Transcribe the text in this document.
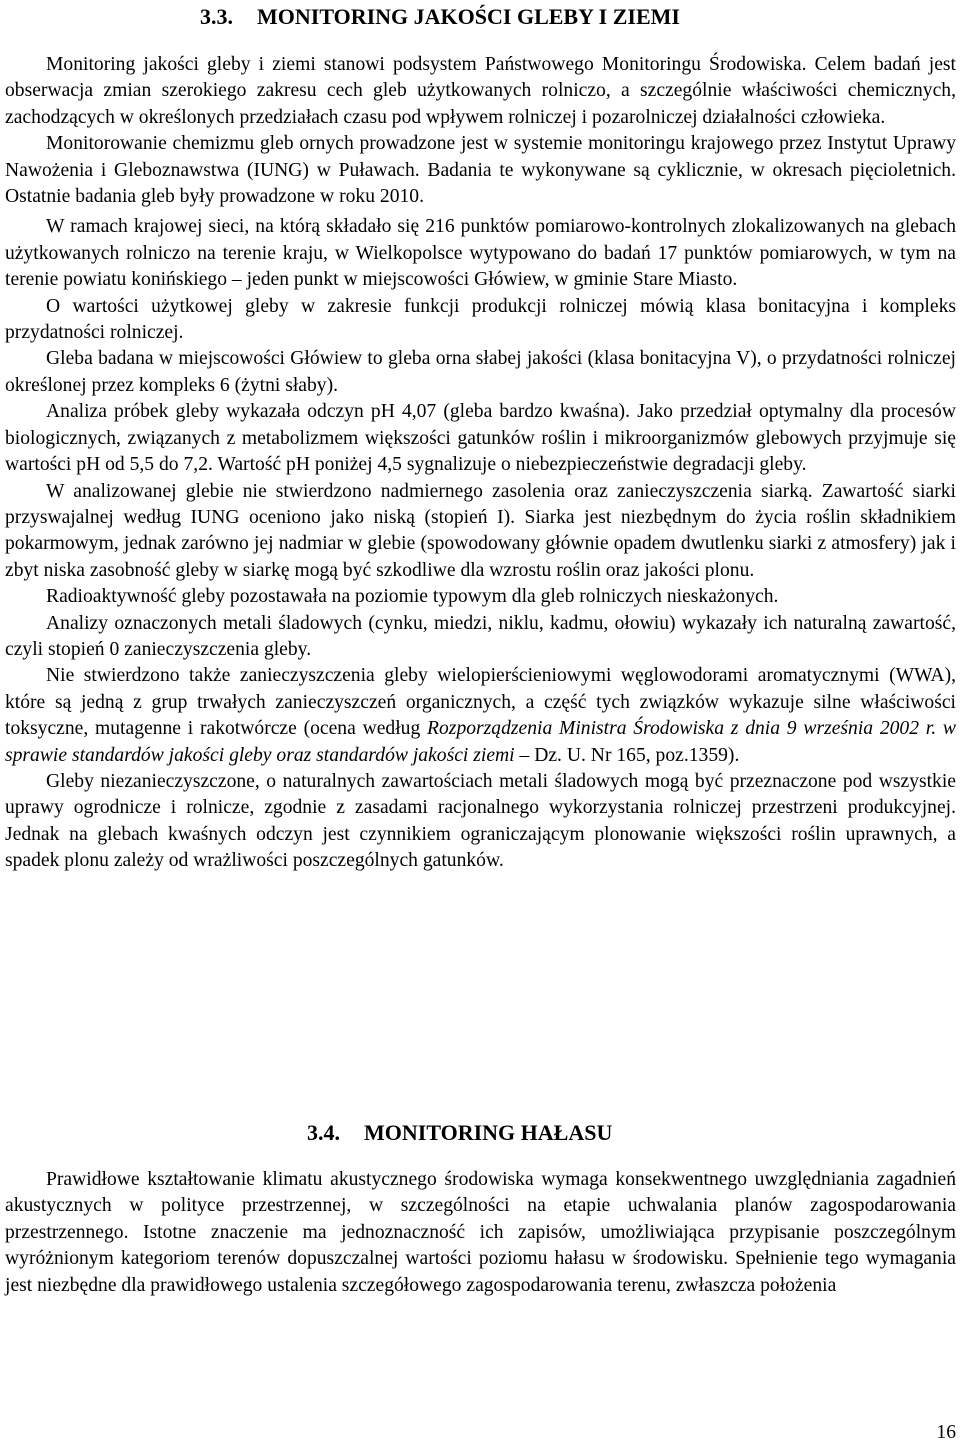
3.3. MONITORING JAKOŚCI GLEBY I ZIEMI

Monitoring jakości gleby i ziemi stanowi podsystem Państwowego Monitoringu Środowiska. Celem badań jest obserwacja zmian szerokiego zakresu cech gleb użytkowanych rolniczo, a szczególnie właściwości chemicznych, zachodzących w określonych przedziałach czasu pod wpływem rolniczej i pozarolniczej działalności człowieka.

Monitorowanie chemizmu gleb ornych prowadzone jest w systemie monitoringu krajowego przez Instytut Uprawy Nawożenia i Gleboznawstwa (IUNG) w Puławach. Badania te wykonywane są cyklicznie, w okresach pięcioletnich. Ostatnie badania gleb były prowadzone w roku 2010.

W ramach krajowej sieci, na którą składało się 216 punktów pomiarowo-kontrolnych zlokalizowanych na glebach użytkowanych rolniczo na terenie kraju, w Wielkopolsce wytypowano do badań 17 punktów pomiarowych, w tym na terenie powiatu konińskiego – jeden punkt w miejscowości Główiew, w gminie Stare Miasto.

O wartości użytkowej gleby w zakresie funkcji produkcji rolniczej mówią klasa bonitacyjna i kompleks przydatności rolniczej.

Gleba badana w miejscowości Główiew to gleba orna słabej jakości (klasa bonitacyjna V), o przydatności rolniczej określonej przez kompleks 6 (żytni słaby).

Analiza próbek gleby wykazała odczyn pH 4,07 (gleba bardzo kwaśna). Jako przedział optymalny dla procesów biologicznych, związanych z metabolizmem większości gatunków roślin i mikroorganizmów glebowych przyjmuje się wartości pH od 5,5 do 7,2. Wartość pH poniżej 4,5 sygnalizuje o niebezpieczeństwie degradacji gleby.

W analizowanej glebie nie stwierdzono nadmiernego zasolenia oraz zanieczyszczenia siarką. Zawartość siarki przyswajalnej według IUNG oceniono jako niską (stopień I). Siarka jest niezbędnym do życia roślin składnikiem pokarmowym, jednak zarówno jej nadmiar w glebie (spowodowany głównie opadem dwutlenku siarki z atmosfery) jak i zbyt niska zasobność gleby w siarkę mogą być szkodliwe dla wzrostu roślin oraz jakości plonu.

Radioaktywność gleby pozostawała na poziomie typowym dla gleb rolniczych nieskażonych.

Analizy oznaczonych metali śladowych (cynku, miedzi, niklu, kadmu, ołowiu) wykazały ich naturalną zawartość, czyli stopień 0 zanieczyszczenia gleby.

Nie stwierdzono także zanieczyszczenia gleby wielopierścieniowymi węglowodorami aromatycznymi (WWA), które są jedną z grup trwałych zanieczyszczeń organicznych, a część tych związków wykazuje silne właściwości toksyczne, mutagenne i rakotwórcze (ocena według Rozporządzenia Ministra Środowiska z dnia 9 września 2002 r. w sprawie standardów jakości gleby oraz standardów jakości ziemi – Dz. U. Nr 165, poz.1359).

Gleby niezanieczyszczone, o naturalnych zawartościach metali śladowych mogą być przeznaczone pod wszystkie uprawy ogrodnicze i rolnicze, zgodnie z zasadami racjonalnego wykorzystania rolniczej przestrzeni produkcyjnej. Jednak na glebach kwaśnych odczyn jest czynnikiem ograniczającym plonowanie większości roślin uprawnych, a spadek plonu zależy od wrażliwości poszczególnych gatunków.

3.4. MONITORING HAŁASU

Prawidłowe kształtowanie klimatu akustycznego środowiska wymaga konsekwentnego uwzględniania zagadnień akustycznych w polityce przestrzennej, w szczególności na etapie uchwalania planów zagospodarowania przestrzennego. Istotne znaczenie ma jednoznaczność ich zapisów, umożliwiająca przypisanie poszczególnym wyróżnionym kategoriom terenów dopuszczalnej wartości poziomu hałasu w środowisku. Spełnienie tego wymagania jest niezbędne dla prawidłowego ustalenia szczegółowego zagospodarowania terenu, zwłaszcza położenia

16
